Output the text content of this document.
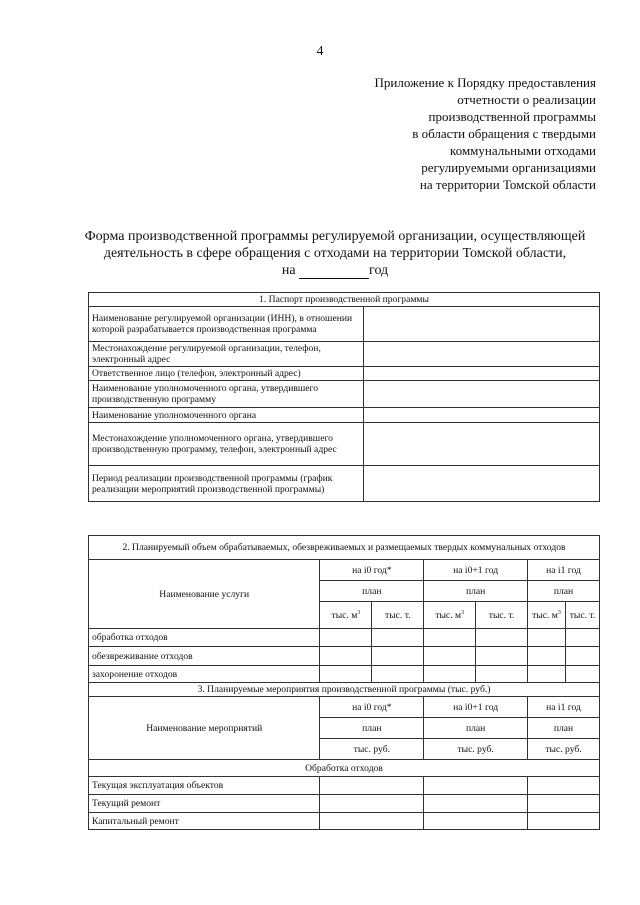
4
Приложение к Порядку предоставления
отчетности о реализации
производственной программы
в области обращения с твердыми
коммунальными отходами
регулируемыми организациями
на территории Томской области
Форма производственной программы регулируемой организации, осуществляющей
деятельность в сфере обращения с отходами на территории Томской области,
на	год
1. Паспорт производственной программы	
Наименование регулируемой организации (ИНН), в отношении которой разрабатывается производственная программа	
Местонахождение регулируемой организации, телефон, электронный адрес	
Ответственное лицо (телефон, электронный адрес)	
Наименование уполномоченного органа, утвердившего производственную программу	
Наименование уполномоченного органа	
Местонахождение уполномоченного органа, утвердившего производственную программу, телефон, электронный адрес	
Период реализации производственной программы (график реализации мероприятий производственной программы)	
2. Планируемый объем обрабатываемых, обезвреживаемых и размещаемых твердых коммунальных отходов						
Наименование услуги	на i0 год*		на i0+1 год		на i1 год	
	план		план		план	
	тыс. $м^3$	тыс. т.	тыс. $м^3$	тыс. т.	тыс. $м^3$	тыс. т.
обработка отходов						
обезвреживание отходов						
захоронение отходов						
3. Планируемые мероприятия производственной программы (тыс. руб.)						
Наименование мероприятий	на i0 год*		на i0+1 год		на i1 год	
	план		план		план	
	тыс. руб.		тыс. руб.		тыс. руб.	
Обработка отходов						
Текущая эксплуатация объектов						
Текущий ремонт						
Капитальный ремонт						
